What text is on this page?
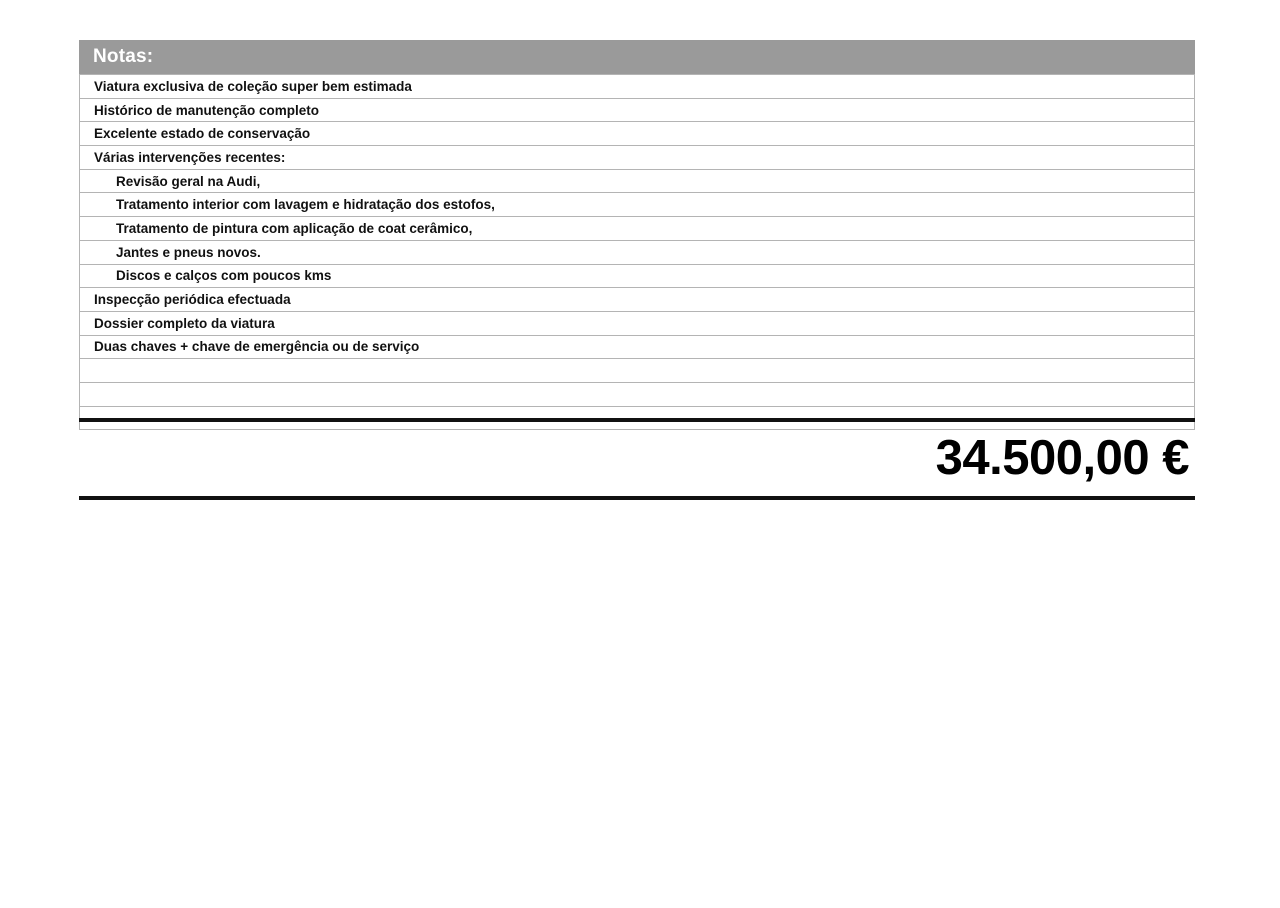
Notas:
Viatura exclusiva de coleção super bem estimada
Histórico de manutenção completo
Excelente estado de conservação
Várias intervenções recentes:
Revisão geral na Audi,
Tratamento interior com lavagem e hidratação dos estofos,
Tratamento de pintura com aplicação de coat cerâmico,
Jantes e pneus novos.
Discos e calços com poucos kms
Inspecção periódica efectuada
Dossier completo da viatura
Duas chaves + chave de emergência ou de serviço

34.500,00 €
